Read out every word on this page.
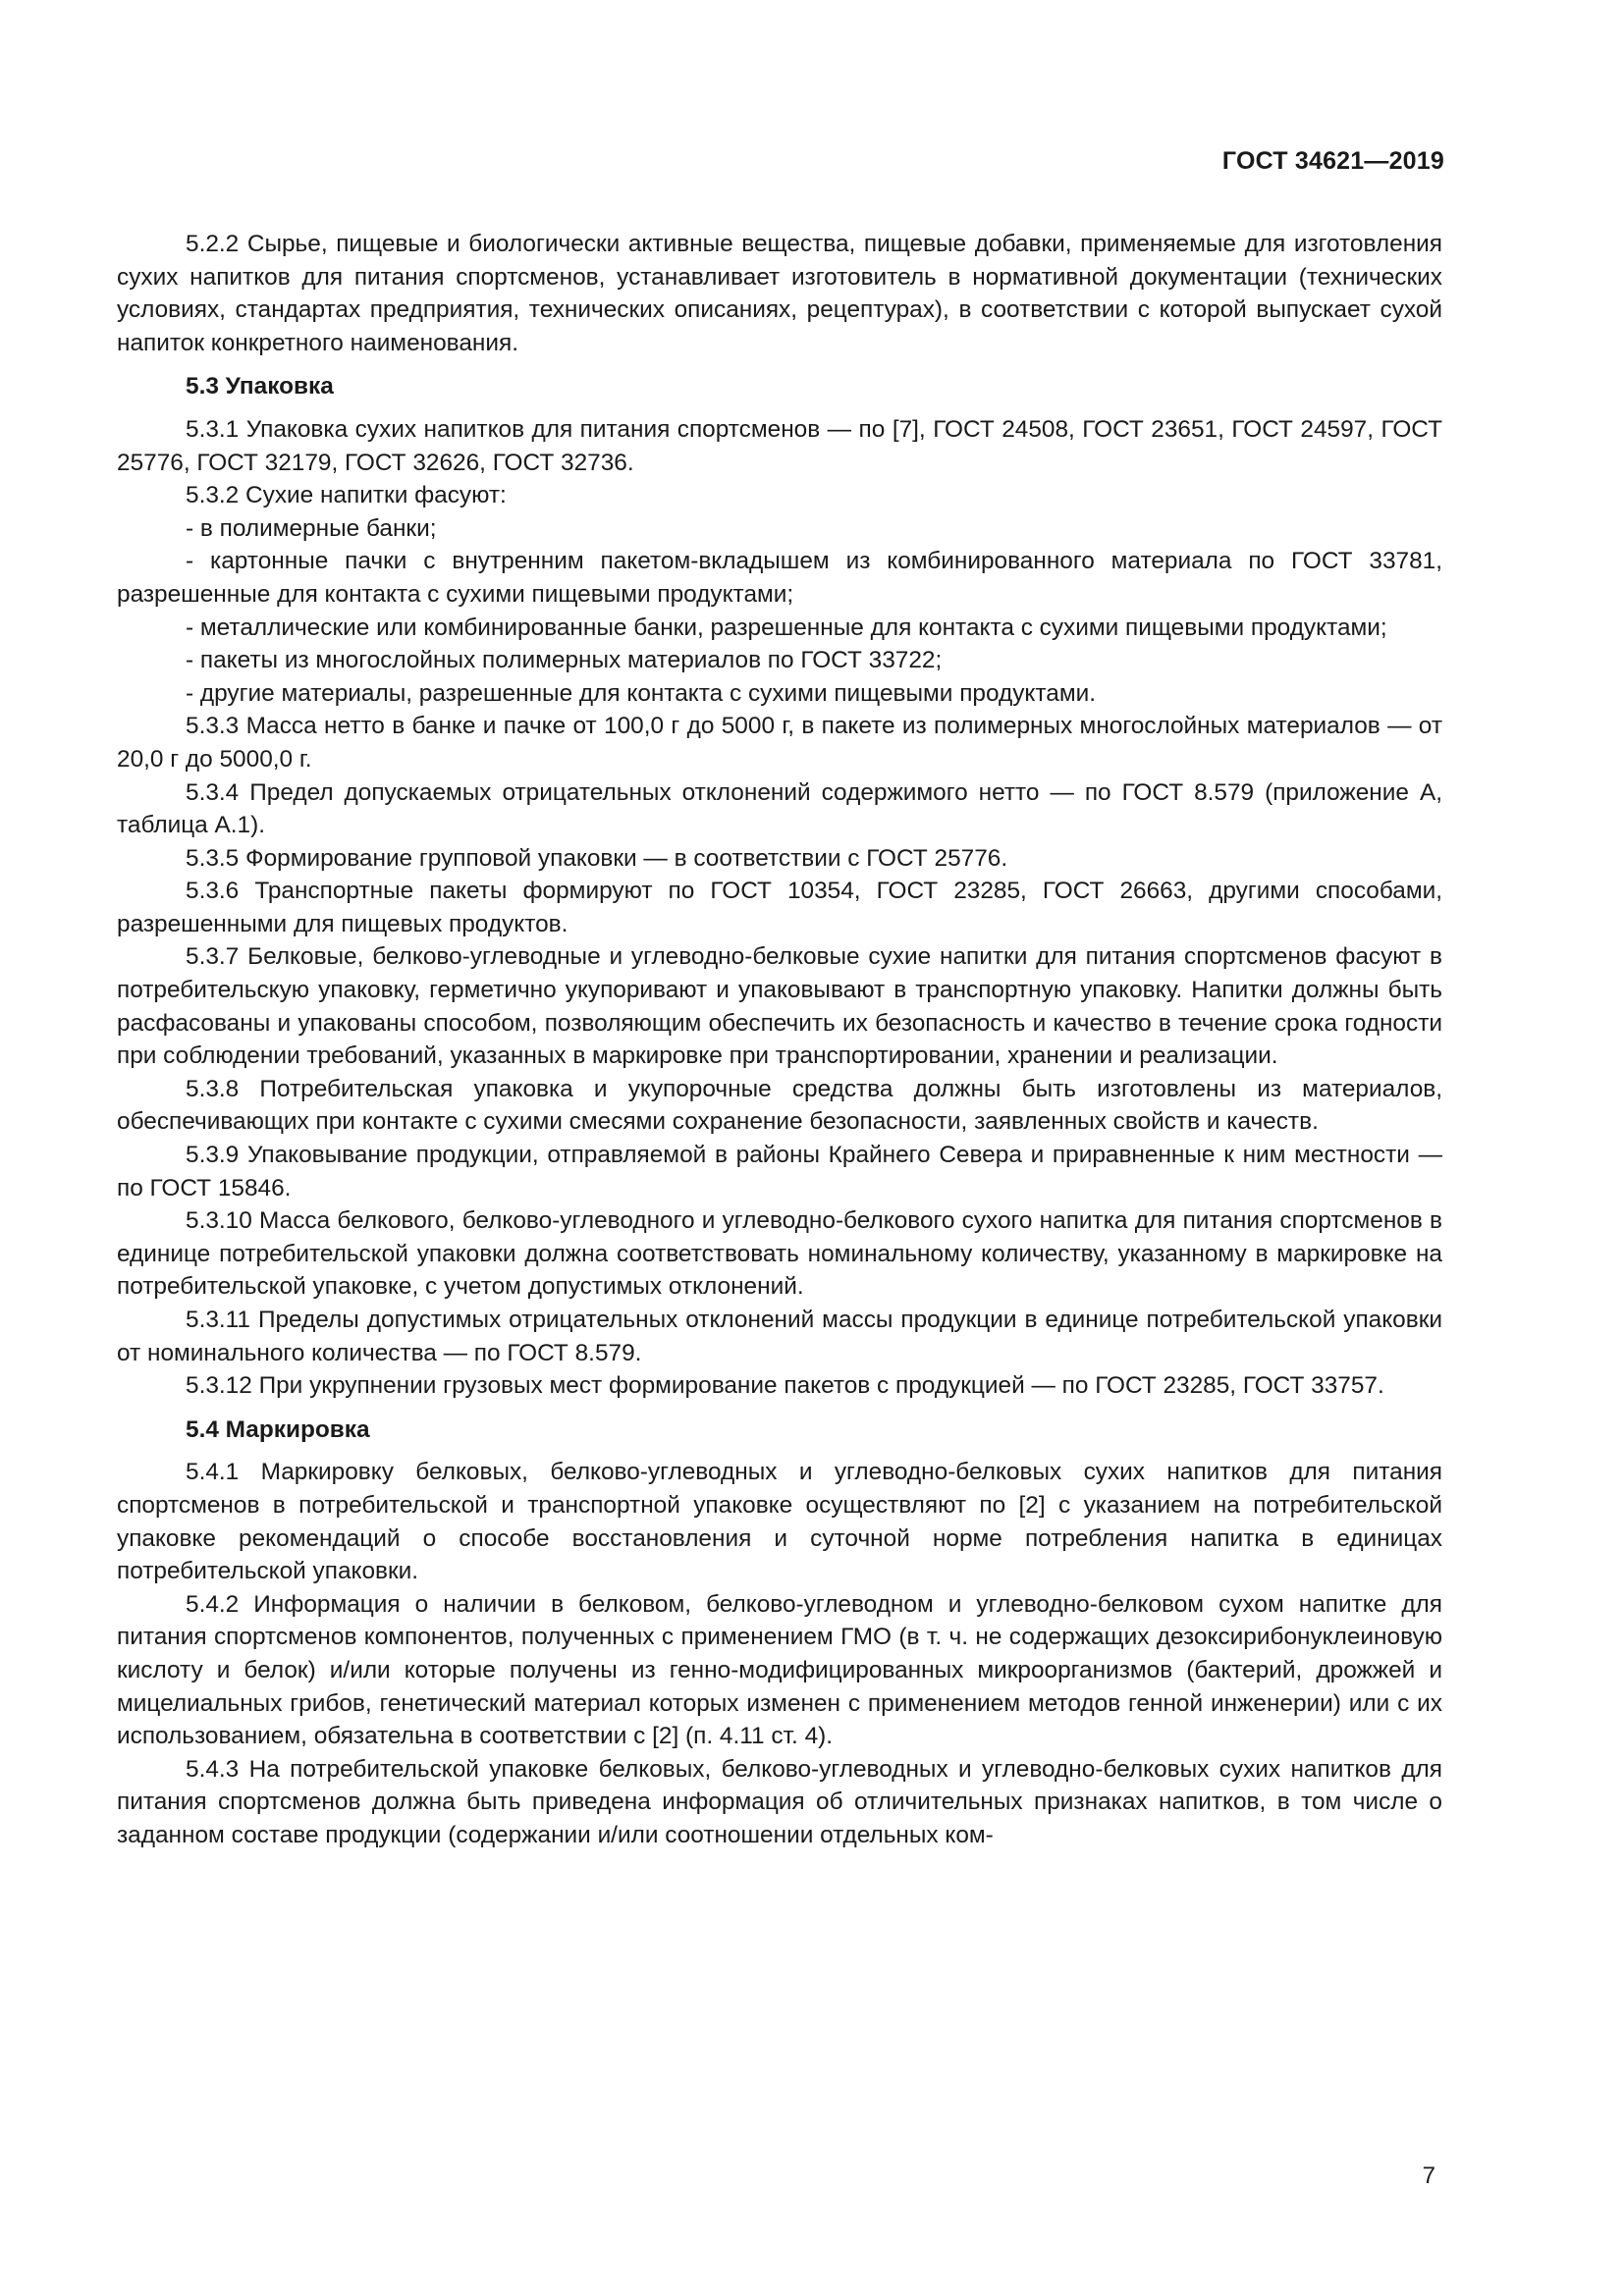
ГОСТ 34621—2019

5.2.2 Сырье, пищевые и биологически активные вещества, пищевые добавки, применяемые для изготовления сухих напитков для питания спортсменов, устанавливает изготовитель в нормативной документации (технических условиях, стандартах предприятия, технических описаниях, рецептурах), в соответствии с которой выпускает сухой напиток конкретного наименования.

5.3 Упаковка

5.3.1 Упаковка сухих напитков для питания спортсменов — по [7], ГОСТ 24508, ГОСТ 23651, ГОСТ 24597, ГОСТ 25776, ГОСТ 32179, ГОСТ 32626, ГОСТ 32736.

5.3.2 Сухие напитки фасуют:

- в полимерные банки;

- картонные пачки с внутренним пакетом-вкладышем из комбинированного материала по ГОСТ 33781, разрешенные для контакта с сухими пищевыми продуктами;

- металлические или комбинированные банки, разрешенные для контакта с сухими пищевыми продуктами;

- пакеты из многослойных полимерных материалов по ГОСТ 33722;

- другие материалы, разрешенные для контакта с сухими пищевыми продуктами.

5.3.3 Масса нетто в банке и пачке от 100,0 г до 5000 г, в пакете из полимерных многослойных материалов — от 20,0 г до 5000,0 г.

5.3.4 Предел допускаемых отрицательных отклонений содержимого нетто — по ГОСТ 8.579 (приложение А, таблица А.1).

5.3.5 Формирование групповой упаковки — в соответствии с ГОСТ 25776.

5.3.6 Транспортные пакеты формируют по ГОСТ 10354, ГОСТ 23285, ГОСТ 26663, другими способами, разрешенными для пищевых продуктов.

5.3.7 Белковые, белково-углеводные и углеводно-белковые сухие напитки для питания спортсменов фасуют в потребительскую упаковку, герметично укупоривают и упаковывают в транспортную упаковку. Напитки должны быть расфасованы и упакованы способом, позволяющим обеспечить их безопасность и качество в течение срока годности при соблюдении требований, указанных в маркировке при транспортировании, хранении и реализации.

5.3.8 Потребительская упаковка и укупорочные средства должны быть изготовлены из материалов, обеспечивающих при контакте с сухими смесями сохранение безопасности, заявленных свойств и качеств.

5.3.9 Упаковывание продукции, отправляемой в районы Крайнего Севера и приравненные к ним местности — по ГОСТ 15846.

5.3.10 Масса белкового, белково-углеводного и углеводно-белкового сухого напитка для питания спортсменов в единице потребительской упаковки должна соответствовать номинальному количеству, указанному в маркировке на потребительской упаковке, с учетом допустимых отклонений.

5.3.11 Пределы допустимых отрицательных отклонений массы продукции в единице потребительской упаковки от номинального количества — по ГОСТ 8.579.

5.3.12 При укрупнении грузовых мест формирование пакетов с продукцией — по ГОСТ 23285, ГОСТ 33757.

5.4 Маркировка

5.4.1 Маркировку белковых, белково-углеводных и углеводно-белковых сухих напитков для питания спортсменов в потребительской и транспортной упаковке осуществляют по [2] с указанием на потребительской упаковке рекомендаций о способе восстановления и суточной норме потребления напитка в единицах потребительской упаковки.

5.4.2 Информация о наличии в белковом, белково-углеводном и углеводно-белковом сухом напитке для питания спортсменов компонентов, полученных с применением ГМО (в т. ч. не содержащих дезоксирибонуклеиновую кислоту и белок) и/или которые получены из генно-модифицированных микроорганизмов (бактерий, дрожжей и мицелиальных грибов, генетический материал которых изменен с применением методов генной инженерии) или с их использованием, обязательна в соответствии с [2] (п. 4.11 ст. 4).

5.4.3 На потребительской упаковке белковых, белково-углеводных и углеводно-белковых сухих напитков для питания спортсменов должна быть приведена информация об отличительных признаках напитков, в том числе о заданном составе продукции (содержании и/или соотношении отдельных ком-

7
